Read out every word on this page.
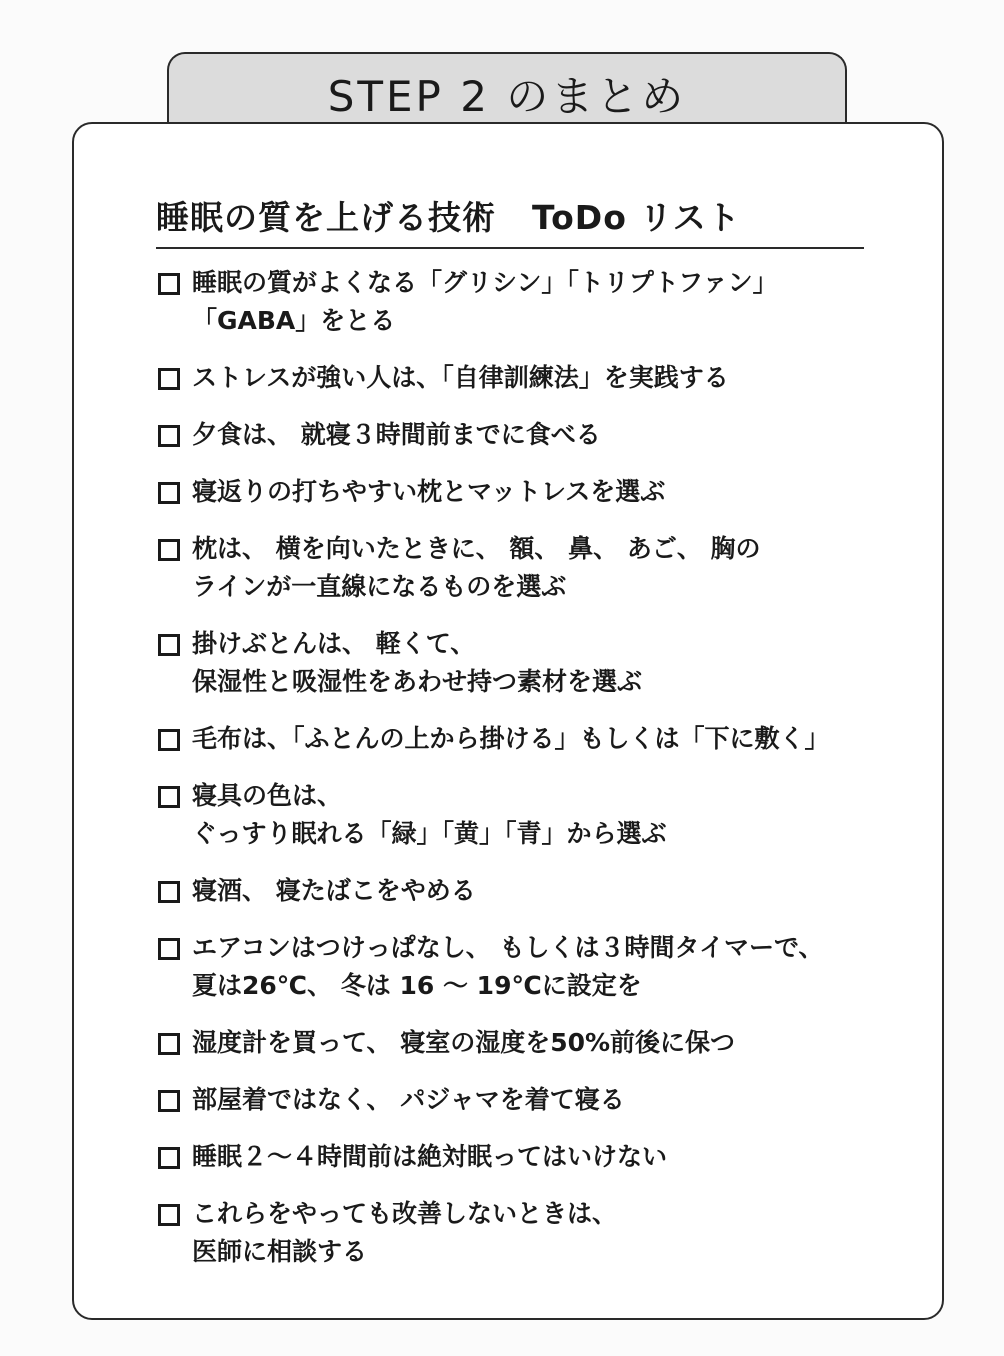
STEP 2 のまとめ
睡眠の質を上げる技術 ToDo リスト
睡眠の質がよくなる「グリシン」「トリプトファン」
「GABA」をとる
ストレスが強い人は、「自律訓練法」を実践する
夕食は、 就寝３時間前までに食べる
寝返りの打ちやすい枕とマットレスを選ぶ
枕は、 横を向いたときに、 額、 鼻、 あご、 胸の
ラインが一直線になるものを選ぶ
掛けぶとんは、 軽くて、
保湿性と吸湿性をあわせ持つ素材を選ぶ
毛布は、「ふとんの上から掛ける」もしくは「下に敷く」
寝具の色は、
ぐっすり眠れる「緑」「黄」「青」から選ぶ
寝酒、 寝たばこをやめる
エアコンはつけっぱなし、 もしくは３時間タイマーで、
夏は26℃、 冬は 16 〜 19℃に設定を
湿度計を買って、 寝室の湿度を50%前後に保つ
部屋着ではなく、 パジャマを着て寝る
睡眠２〜４時間前は絶対眠ってはいけない
これらをやっても改善しないときは、
医師に相談する
